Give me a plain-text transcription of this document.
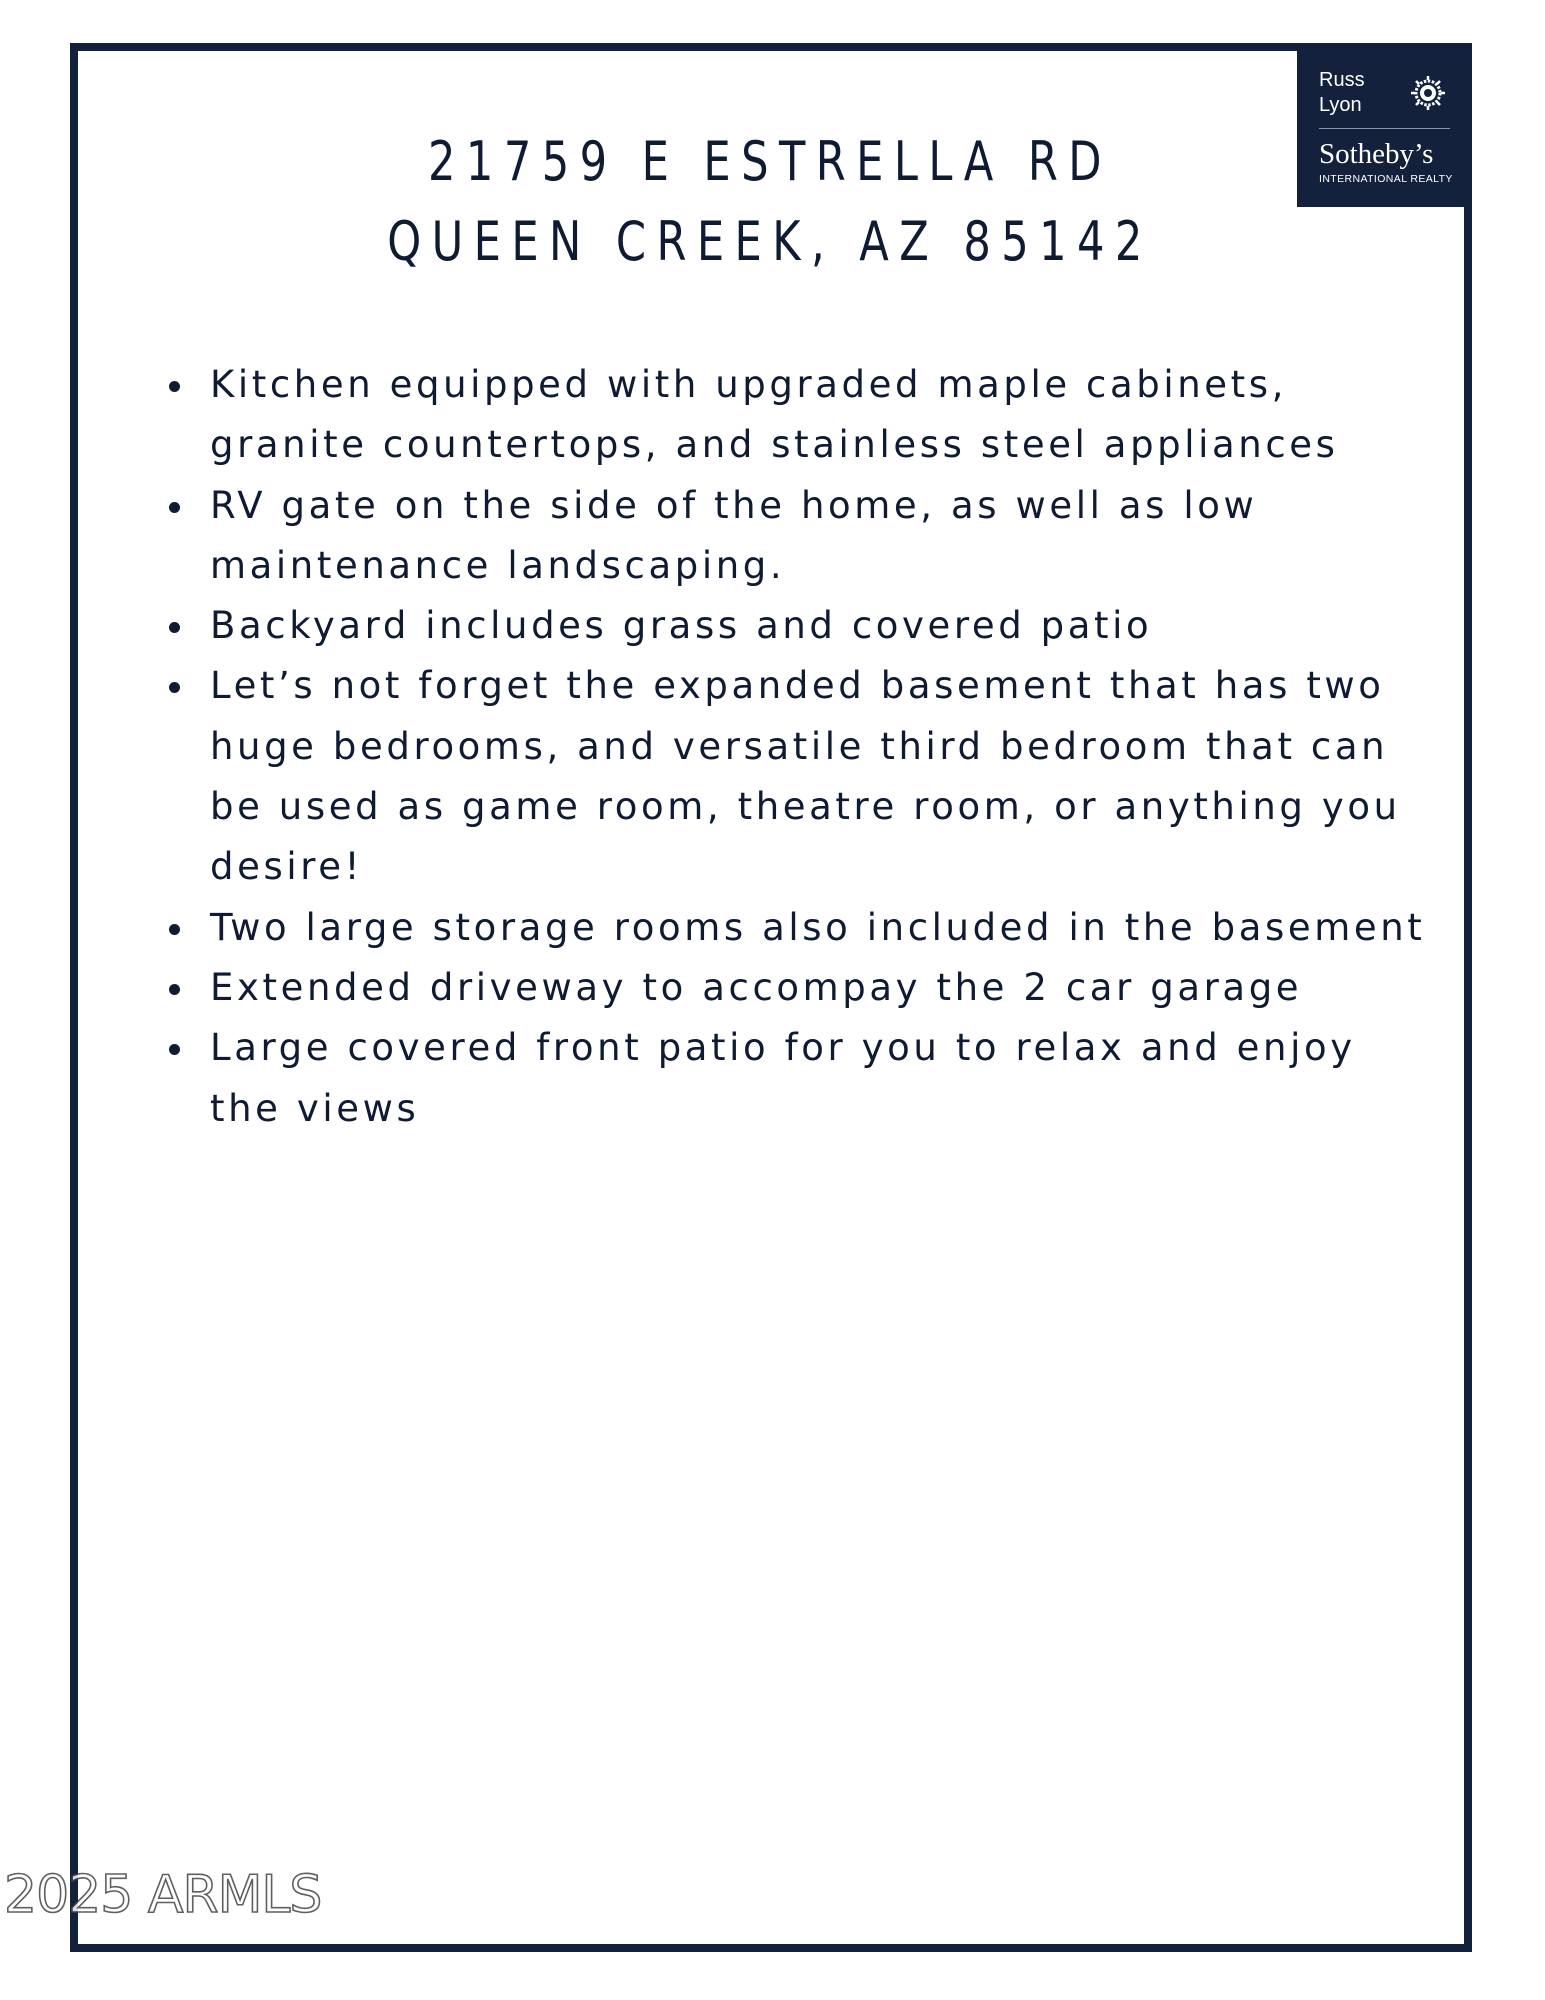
Russ
Lyon
Sotheby’s
INTERNATIONAL REALTY
21759 E ESTRELLA RD
QUEEN CREEK, AZ 85142
Kitchen equipped with upgraded maple cabinets, granite countertops, and stainless steel appliances
RV gate on the side of the home, as well as low maintenance landscaping.
Backyard includes grass and covered patio
Let’s not forget the expanded basement that has two huge bedrooms, and versatile third bedroom that can be used as game room, theatre room, or anything you desire!
Two large storage rooms also included in the basement
Extended driveway to accompay the 2 car garage
Large covered front patio for you to relax and enjoy the views
2025 ARMLS
